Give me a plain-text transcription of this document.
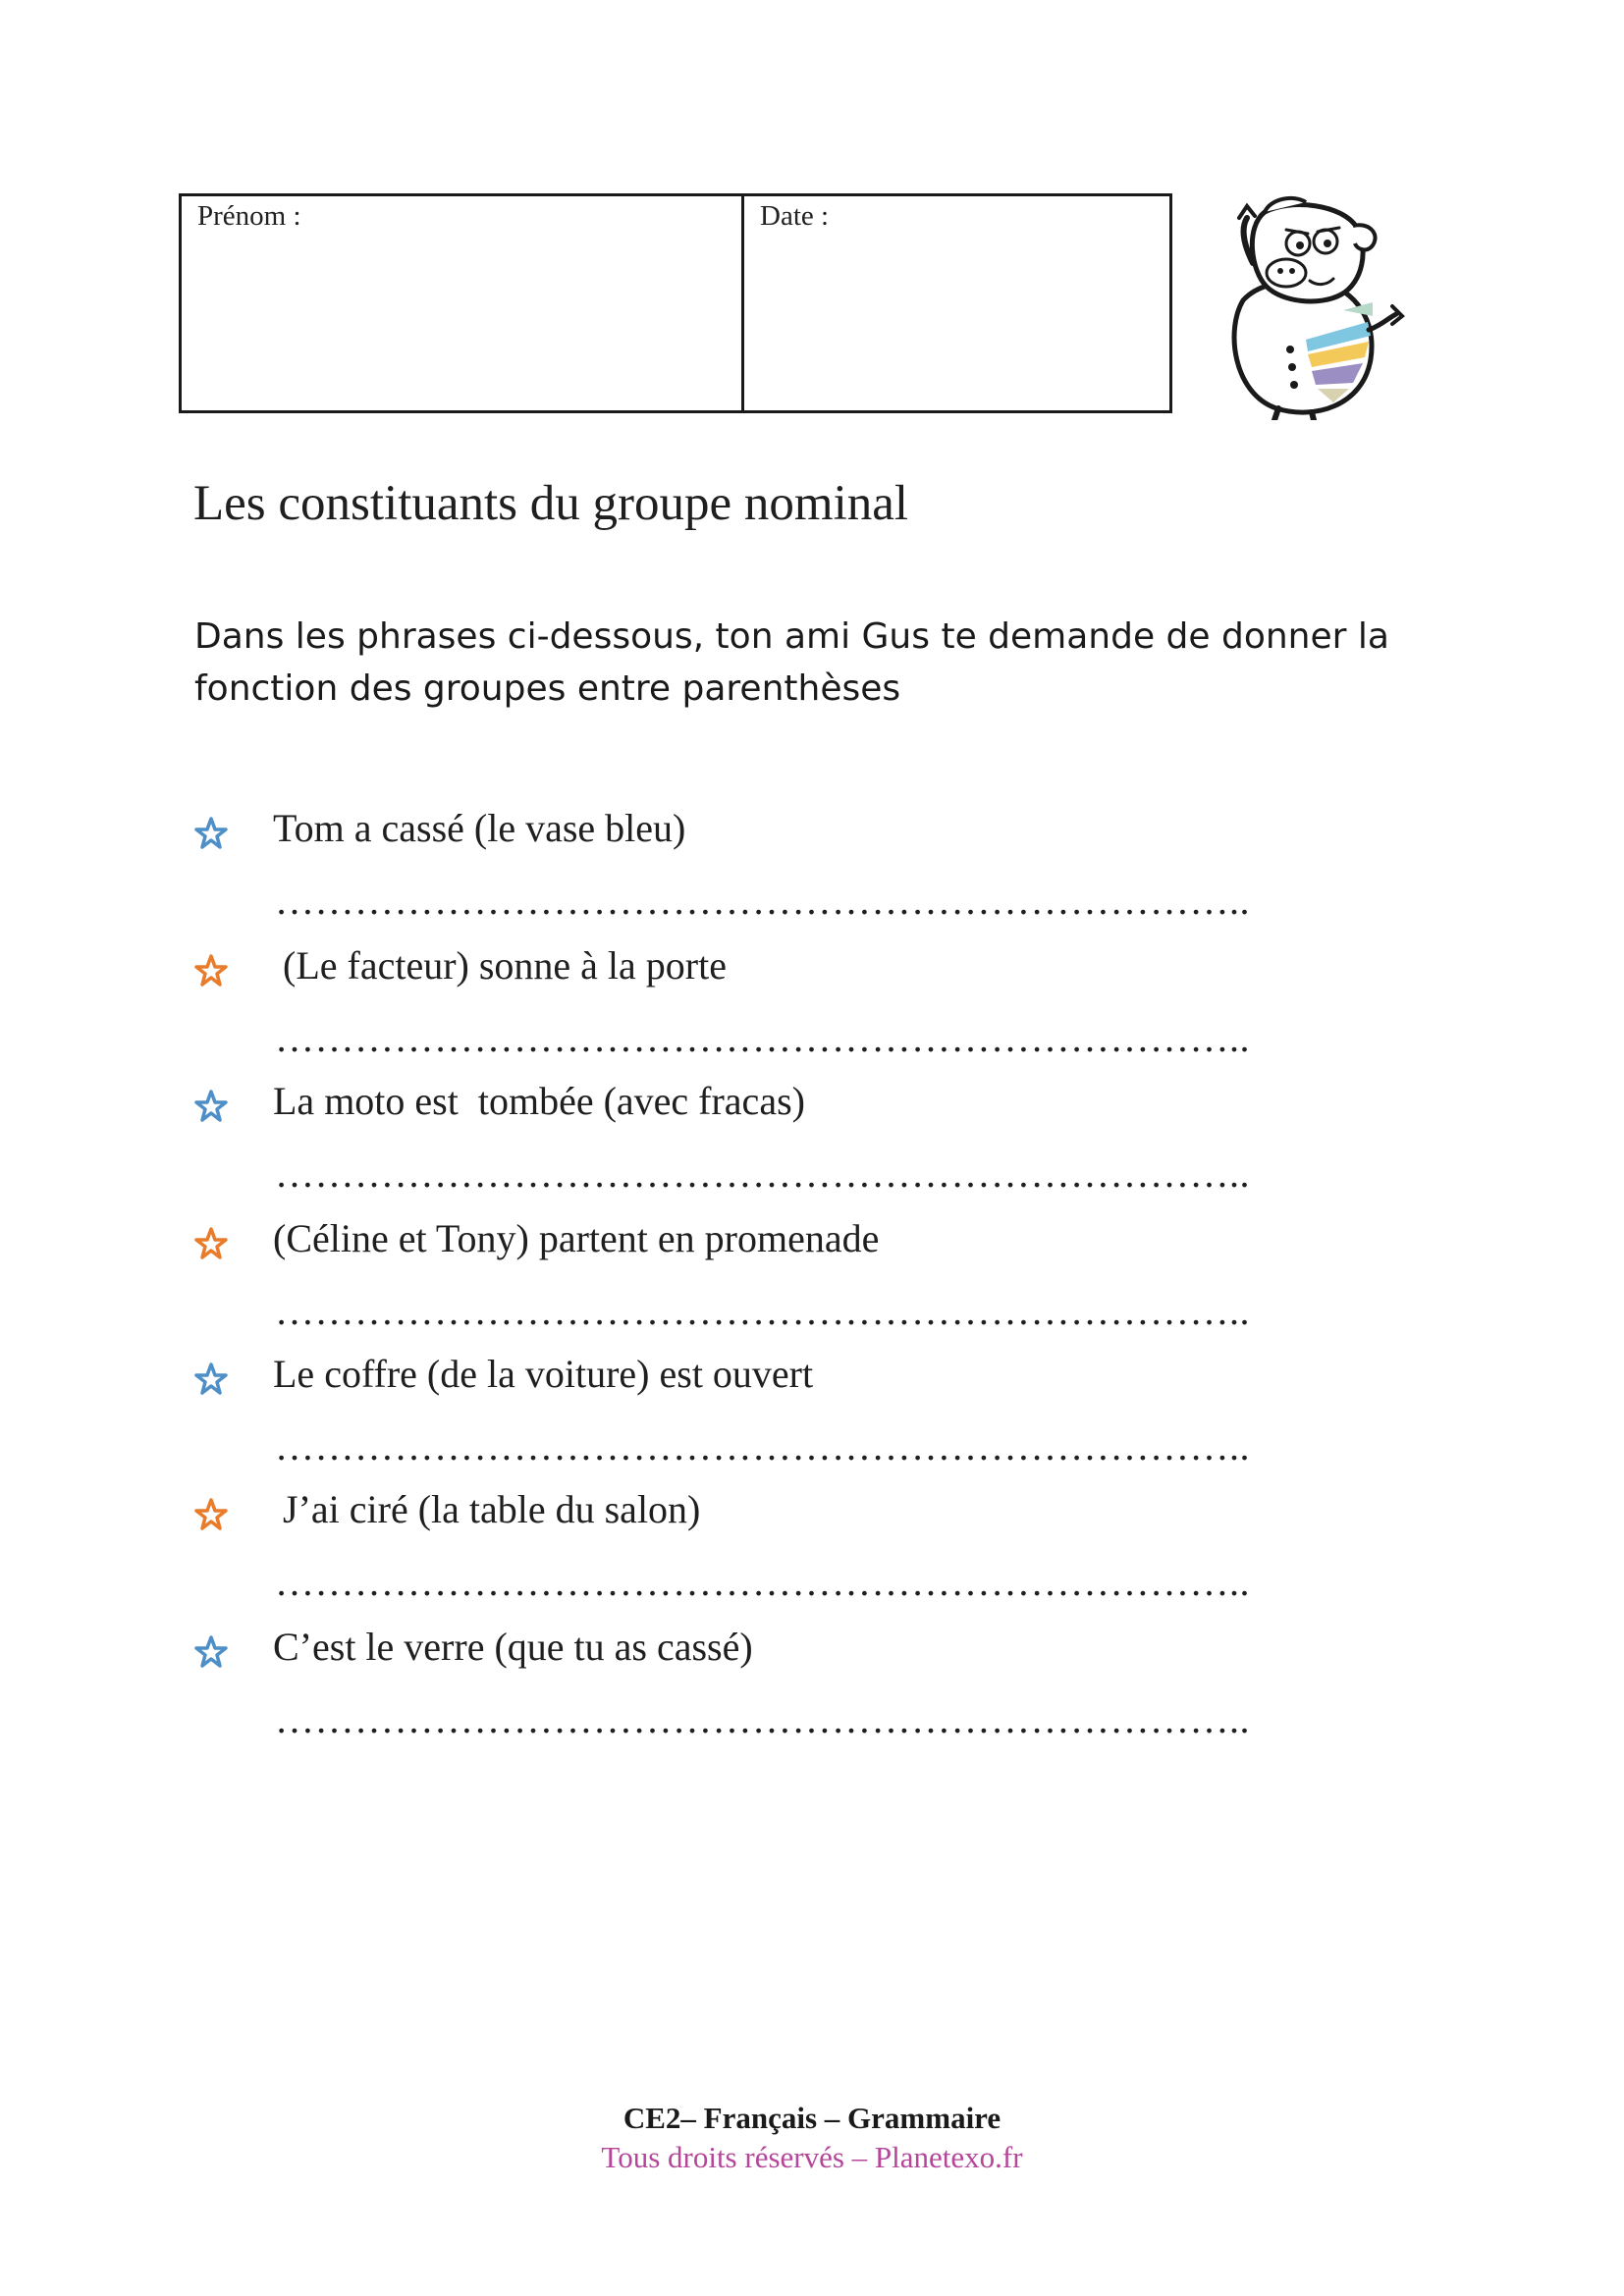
Prénom :	Date :
Les constituants du groupe nominal
Dans les phrases ci-dessous, ton ami Gus te demande de donner la fonction des groupes entre parenthèses
Tom a cassé (le vase bleu)
………………………………………………………………..
(Le facteur) sonne à la porte
………………………………………………………………..
La moto est  tombée (avec fracas)
………………………………………………………………..
(Céline et Tony) partent en promenade
………………………………………………………………..
Le coffre (de la voiture) est ouvert
………………………………………………………………..
J’ai ciré (la table du salon)
………………………………………………………………..
C’est le verre (que tu as cassé)
………………………………………………………………..
CE2– Français – Grammaire
Tous droits réservés – Planetexo.fr
